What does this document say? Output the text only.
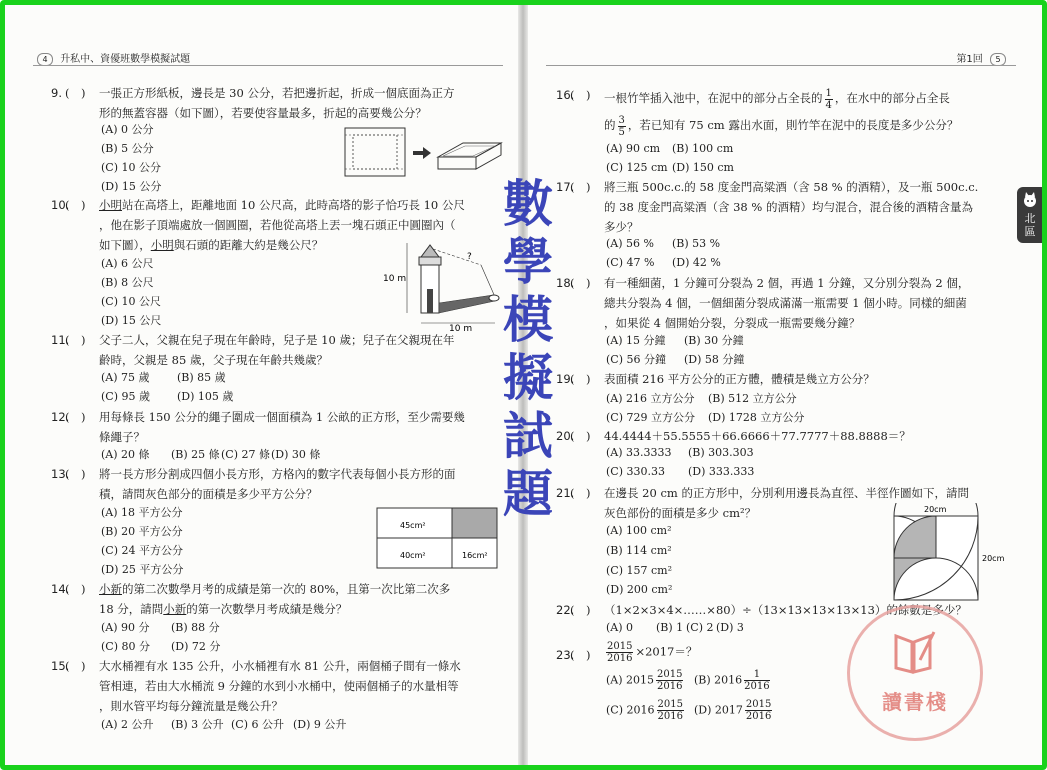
4 升私中、資優班數學模擬試題
9. (　) 一張正方形紙板，邊長是 30 公分，若把邊折起，折成一個底面為正方
形的無蓋容器（如下圖），若要使容量最多，折起的高要幾公分？
(A) 0 公分
(B) 5 公分
(C) 10 公分
(D) 15 公分
10.
(　) 小明站在高塔上，距離地面 10 公尺高，此時高塔的影子恰巧長 10 公尺
，他在影子頂端處放一個圓圈，若他從高塔上丟一塊石頭正中圓圈內（
如下圖），小明與石頭的距離大約是幾公尺？
(A) 6 公尺
(B) 8 公尺
(C) 10 公尺
(D) 15 公尺
10 m
?
10 m
11.
(　) 父子二人，父親在兒子現在年齡時，兒子是 10 歲；兒子在父親現在年
齡時，父親是 85 歲，父子現在年齡共幾歲？
(A) 75 歲 (B) 85 歲
(C) 95 歲 (D) 105 歲
12.
(　) 用每條長 150 公分的繩子圍成一個面積為 1 公畝的正方形，至少需要幾
條繩子？
(A) 20 條 (B) 25 條 (C) 27 條 (D) 30 條
13.
(　) 將一長方形分割成四個小長方形，方格內的數字代表每個小長方形的面
積，請問灰色部分的面積是多少平方公分？
(A) 18 平方公分
(B) 20 平方公分
(C) 24 平方公分
(D) 25 平方公分
45cm²
40cm²	16cm²
14.
(　) 小新的第二次數學月考的成績是第一次的 80%，且第一次比第二次多
18 分，請問小新的第一次數學月考成績是幾分？
(A) 90 分 (B) 88 分
(C) 80 分 (D) 72 分
15.
(　) 大水桶裡有水 135 公升，小水桶裡有水 81 公升，兩個桶子間有一條水
管相連，若由大水桶流 9 分鐘的水到小水桶中，使兩個桶子的水量相等
，則水管平均每分鐘流量是幾公升？
(A) 2 公升 (B) 3 公升 (C) 6 公升 (D) 9 公升
第1回 5
16.
(　) 一根竹竿插入池中，在泥中的部分占全長的 $\frac{1}{4}$ ，在水中的部分占全長
的 $\frac{3}{5}$ ，若已知有 75 cm 露出水面，則竹竿在泥中的長度是多少公分？
(A) 90 cm (B) 100 cm
(C) 125 cm (D) 150 cm
17.
(　) 將三瓶 500c.c.的 58 度金門高粱酒（含 58 % 的酒精），及一瓶 500c.c.
的 38 度金門高粱酒（含 38 % 的酒精）均勻混合，混合後的酒精含量為
多少？
(A) 56 % (B) 53 %
(C) 47 % (D) 42 %
18.
(　) 有一種細菌，1 分鐘可分裂為 2 個，再過 1 分鐘，又分別分裂為 2 個，
總共分裂為 4 個，一個細菌分裂成滿滿一瓶需要 1 個小時。同樣的細菌
，如果從 4 個開始分裂，分裂成一瓶需要幾分鐘？
(A) 15 分鐘 (B) 30 分鐘
(C) 56 分鐘 (D) 58 分鐘
19.
(　) 表面積 216 平方公分的正方體，體積是幾立方公分？
(A) 216 立方公分 (B) 512 立方公分
(C) 729 立方公分 (D) 1728 立方公分
20.
(　) 44.4444＋55.5555＋66.6666＋77.7777＋88.8888＝？
(A) 33.3333 (B) 303.303
(C) 330.33 (D) 333.333
21.
(　) 在邊長 20 cm 的正方形中，分別利用邊長為直徑、半徑作圖如下，請問
灰色部份的面積是多少 cm²？
(A) 100 cm²
(B) 114 cm²
(C) 157 cm²
(D) 200 cm²
20cm
20cm
22.
(　) （1×2×3×4×……×80）÷（13×13×13×13×13）的餘數是多少？
(A) 0 (B) 1 (C) 2 (D) 3
23.
(　) $\frac{2015}{2016} \times 2017=$？
(A) $2015 \frac{2015}{2016} (B)$ $2016 \frac{1}{2016}$
(C) $2016 \frac{2015}{2016} (D)$ $2017 \frac{2015}{2016}$
數
學
模
擬
試
題
北區
讀書棧
